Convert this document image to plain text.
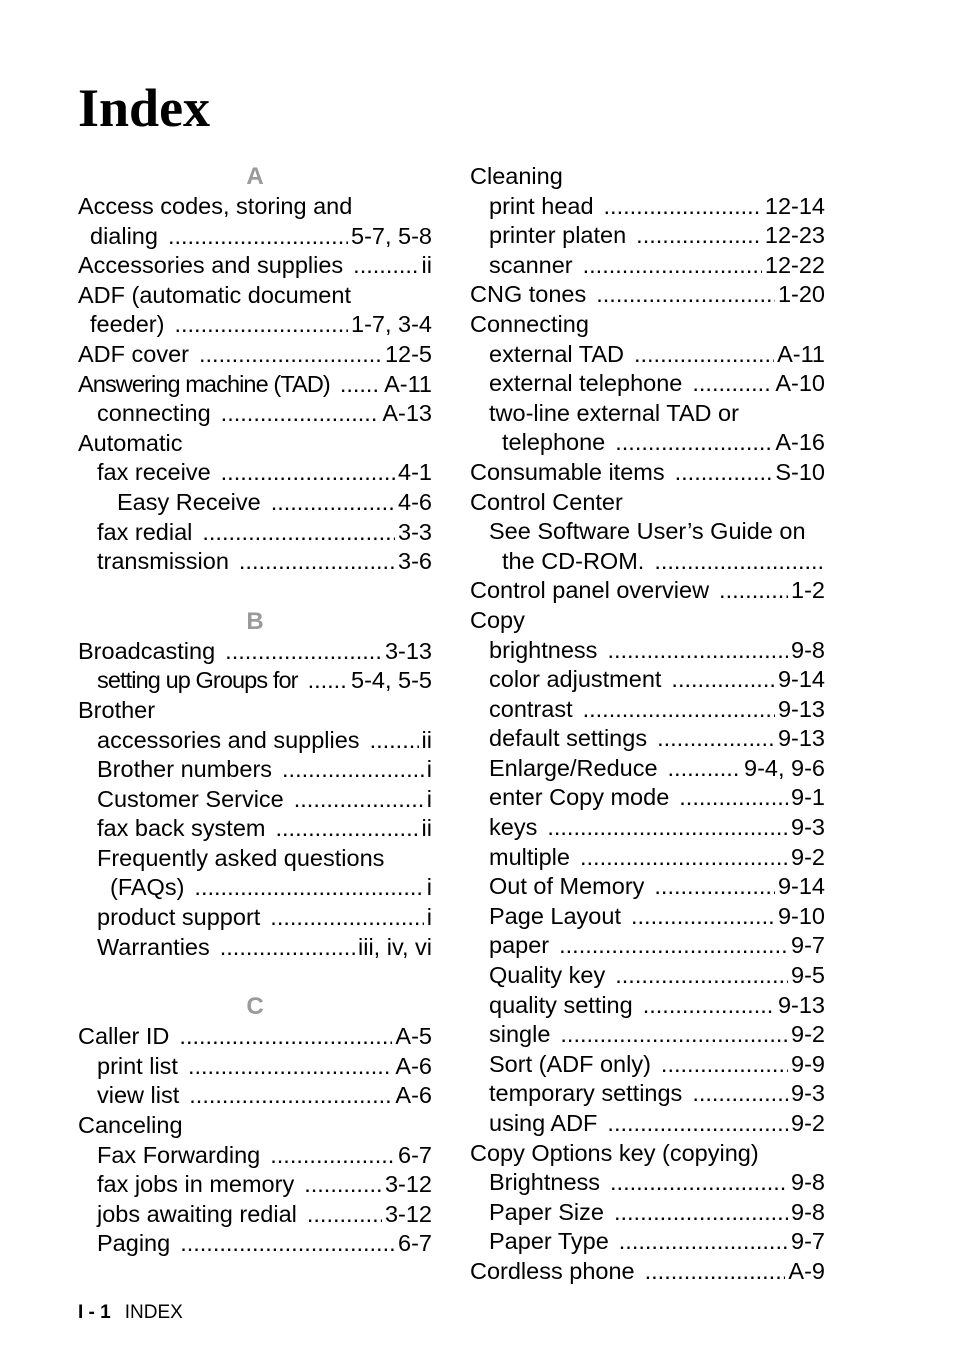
Index
A
Access codes, storing and
dialing .....	5-7, 5-8
Accessories and supplies .....	ii
ADF (automatic document
feeder) .....	1-7, 3-4
ADF cover .....	12-5
Answering machine (TAD) ..... A-11
connecting .....	A-13
Automatic
fax receive .....	4-1
Easy Receive .....	4-6
fax redial .....	3-3
transmission .....	3-6
B
Broadcasting .....	3-13
setting up Groups for ..... 5-4, 5-5
Brother
accessories and supplies .....	ii
Brother numbers .....	i
Customer Service .....	i
fax back system .....	ii
Frequently asked questions
(FAQs) .....	i
product support .....	i
Warranties .....	iii, iv, vi
C
Caller ID .....	A-5
print list .....	A-6
view list .....	A-6
Canceling
Fax Forwarding .....	6-7
fax jobs in memory .....	3-12
jobs awaiting redial .....	3-12
Paging .....	6-7
Cleaning
print head .....	12-14
printer platen .....	12-23
scanner .....	12-22
CNG tones .....	1-20
Connecting
external TAD .....	A-11
external telephone .....	A-10
two-line external TAD or
telephone .....	A-16
Consumable items .....	S-10
Control Center
See Software User’s Guide on
the CD-ROM.
.....
Control panel overview .....	1-2
Copy
brightness .....	9-8
color adjustment .....	9-14
contrast .....	9-13
default settings .....	9-13
Enlarge/Reduce .....	9-4, 9-6
enter Copy mode .....	9-1
keys .....	9-3
multiple .....	9-2
Out of Memory .....	9-14
Page Layout .....	9-10
paper .....	9-7
Quality key .....	9-5
quality setting .....	9-13
single .....	9-2
Sort (ADF only) .....	9-9
temporary settings .....	9-3
using ADF .....	9-2
Copy Options key (copying)
Brightness .....	9-8
Paper Size .....	9-8
Paper Type .....	9-7
Cordless phone .....	A-9
I - 1 INDEX
